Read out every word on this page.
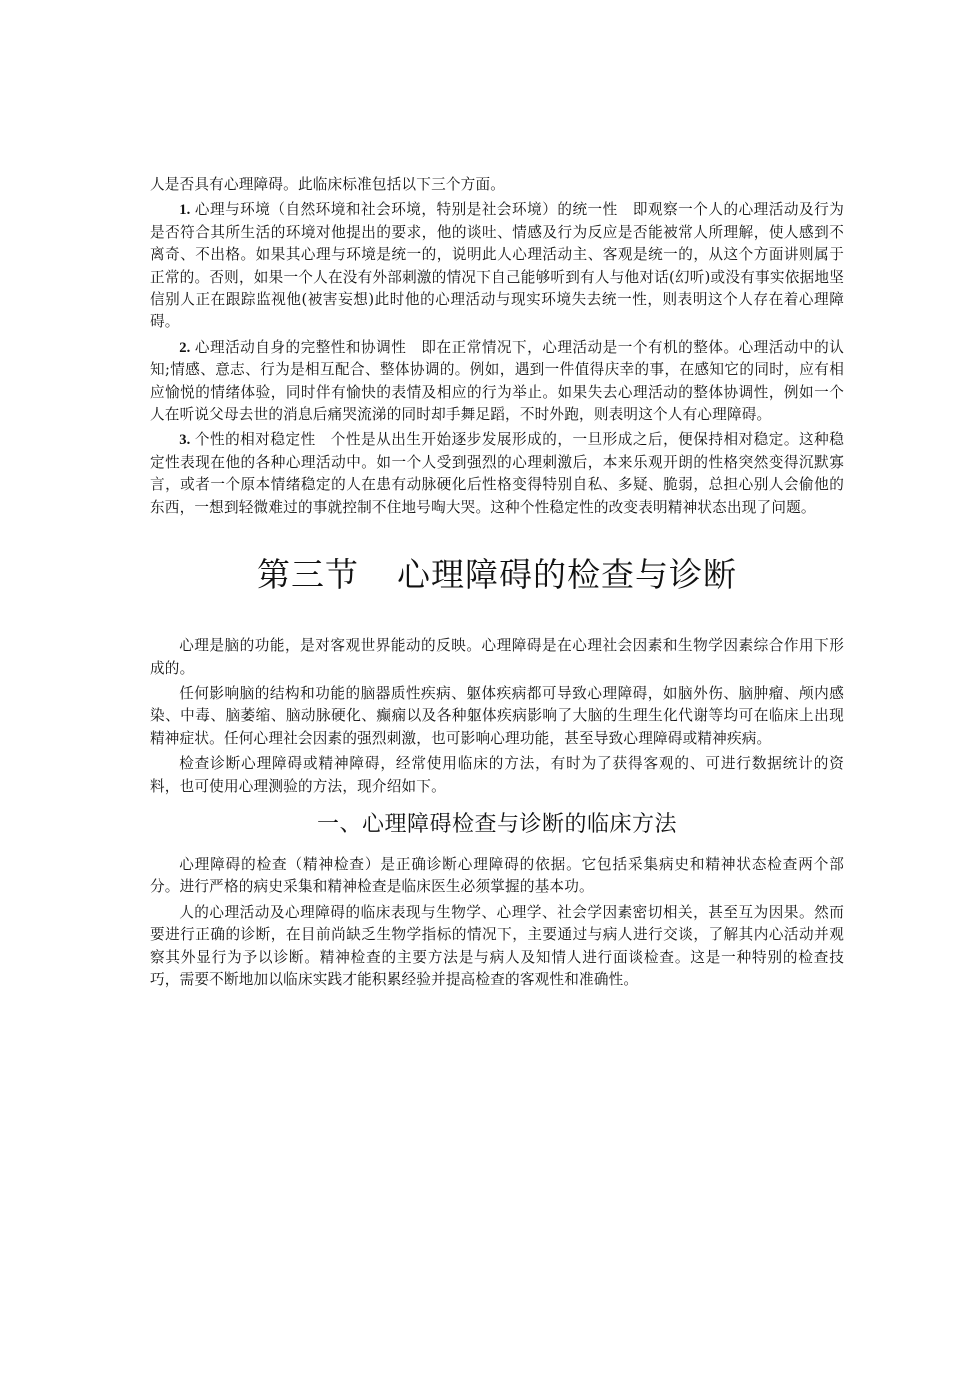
人是否具有心理障碍。此临床标准包括以下三个方面。

1. 心理与环境（自然环境和社会环境，特别是社会环境）的统一性　即观察一个人的心理活动及行为是否符合其所生活的环境对他提出的要求，他的谈吐、情感及行为反应是否能被常人所理解，使人感到不离奇、不出格。如果其心理与环境是统一的，说明此人心理活动主、客观是统一的，从这个方面讲则属于正常的。否则，如果一个人在没有外部刺激的情况下自己能够听到有人与他对话(幻听)或没有事实依据地坚信别人正在跟踪监视他(被害妄想)此时他的心理活动与现实环境失去统一性，则表明这个人存在着心理障碍。

2. 心理活动自身的完整性和协调性　即在正常情况下，心理活动是一个有机的整体。心理活动中的认知;情感、意志、行为是相互配合、整体协调的。例如，遇到一件值得庆幸的事，在感知它的同时，应有相应愉悦的情绪体验，同时伴有愉快的表情及相应的行为举止。如果失去心理活动的整体协调性，例如一个人在听说父母去世的消息后痛哭流涕的同时却手舞足蹈，不时外跑，则表明这个人有心理障碍。

3. 个性的相对稳定性　个性是从出生开始逐步发展形成的，一旦形成之后，便保持相对稳定。这种稳定性表现在他的各种心理活动中。如一个人受到强烈的心理刺激后，本来乐观开朗的性格突然变得沉默寡言，或者一个原本情绪稳定的人在患有动脉硬化后性格变得特别自私、多疑、脆弱，总担心别人会偷他的东西，一想到轻微难过的事就控制不住地号啕大哭。这种个性稳定性的改变表明精神状态出现了问题。

第三节 心理障碍的检查与诊断

心理是脑的功能，是对客观世界能动的反映。心理障碍是在心理社会因素和生物学因素综合作用下形成的。

任何影响脑的结构和功能的脑器质性疾病、躯体疾病都可导致心理障碍，如脑外伤、脑肿瘤、颅内感染、中毒、脑萎缩、脑动脉硬化、癫痫以及各种躯体疾病影响了大脑的生理生化代谢等均可在临床上出现精神症状。任何心理社会因素的强烈刺激，也可影响心理功能，甚至导致心理障碍或精神疾病。

检查诊断心理障碍或精神障碍，经常使用临床的方法，有时为了获得客观的、可进行数据统计的资料，也可使用心理测验的方法，现介绍如下。

一、心理障碍检查与诊断的临床方法

心理障碍的检查（精神检查）是正确诊断心理障碍的依据。它包括采集病史和精神状态检查两个部分。进行严格的病史采集和精神检查是临床医生必须掌握的基本功。

人的心理活动及心理障碍的临床表现与生物学、心理学、社会学因素密切相关，甚至互为因果。然而要进行正确的诊断，在目前尚缺乏生物学指标的情况下，主要通过与病人进行交谈，了解其内心活动并观察其外显行为予以诊断。精神检查的主要方法是与病人及知情人进行面谈检查。这是一种特别的检查技巧，需要不断地加以临床实践才能积累经验并提高检查的客观性和准确性。
